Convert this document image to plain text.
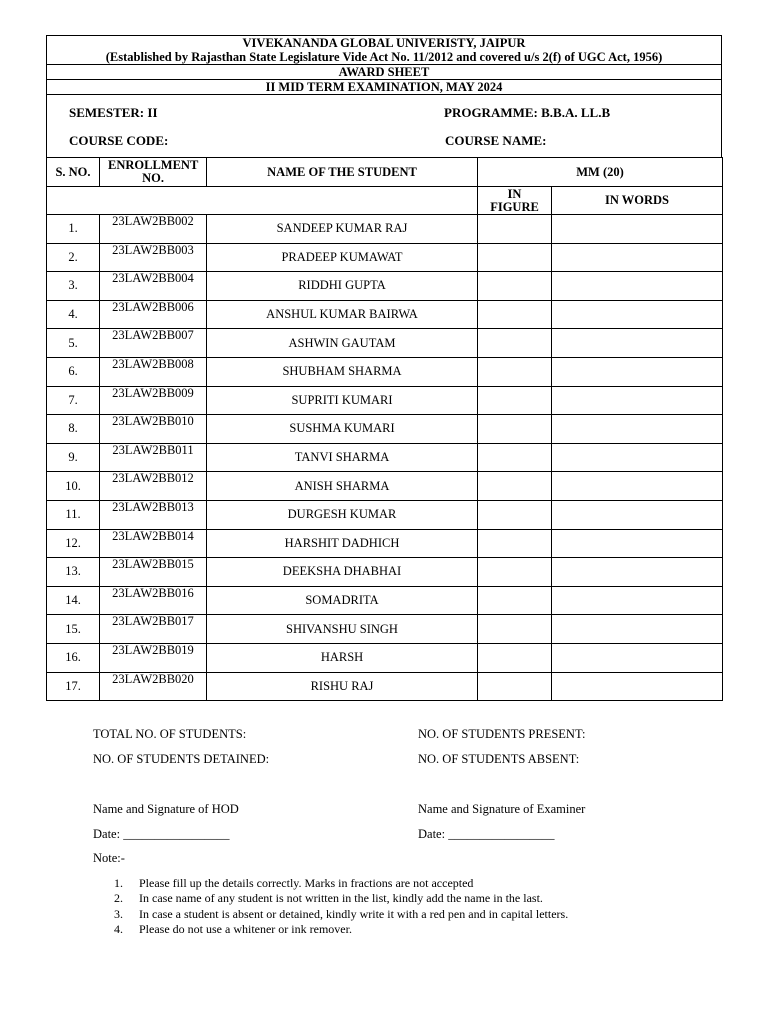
VIVEKANANDA GLOBAL UNIVERISTY, JAIPUR
(Established by Rajasthan State Legislature Vide Act No. 11/2012 and covered u/s 2(f) of UGC Act, 1956)
AWARD SHEET
II MID TERM EXAMINATION, MAY 2024
SEMESTER: II	PROGRAMME: B.B.A. LL.B
COURSE CODE:	COURSE NAME:
S. NO.	ENROLLMENT NO.	NAME OF THE STUDENT	MM (20)	
			IN FIGURE	IN WORDS
1.	23LAW2BB002	SANDEEP KUMAR RAJ		
2.	23LAW2BB003	PRADEEP KUMAWAT		
3.	23LAW2BB004	RIDDHI GUPTA		
4.	23LAW2BB006	ANSHUL KUMAR BAIRWA		
5.	23LAW2BB007	ASHWIN GAUTAM		
6.	23LAW2BB008	SHUBHAM SHARMA		
7.	23LAW2BB009	SUPRITI KUMARI		
8.	23LAW2BB010	SUSHMA KUMARI		
9.	23LAW2BB011	TANVI SHARMA		
10.	23LAW2BB012	ANISH SHARMA		
11.	23LAW2BB013	DURGESH KUMAR		
12.	23LAW2BB014	HARSHIT DADHICH		
13.	23LAW2BB015	DEEKSHA DHABHAI		
14.	23LAW2BB016	SOMADRITA		
15.	23LAW2BB017	SHIVANSHU SINGH		
16.	23LAW2BB019	HARSH		
17.	23LAW2BB020	RISHU RAJ		
TOTAL NO. OF STUDENTS:	NO. OF STUDENTS PRESENT:
NO. OF STUDENTS DETAINED:	NO. OF STUDENTS ABSENT:
Name and Signature of HOD	Name and Signature of Examiner
Date: _________________	Date: _________________
Note:-
1. Please fill up the details correctly. Marks in fractions are not accepted
2. In case name of any student is not written in the list, kindly add the name in the last.
3. In case a student is absent or detained, kindly write it with a red pen and in capital letters.
4. Please do not use a whitener or ink remover.
